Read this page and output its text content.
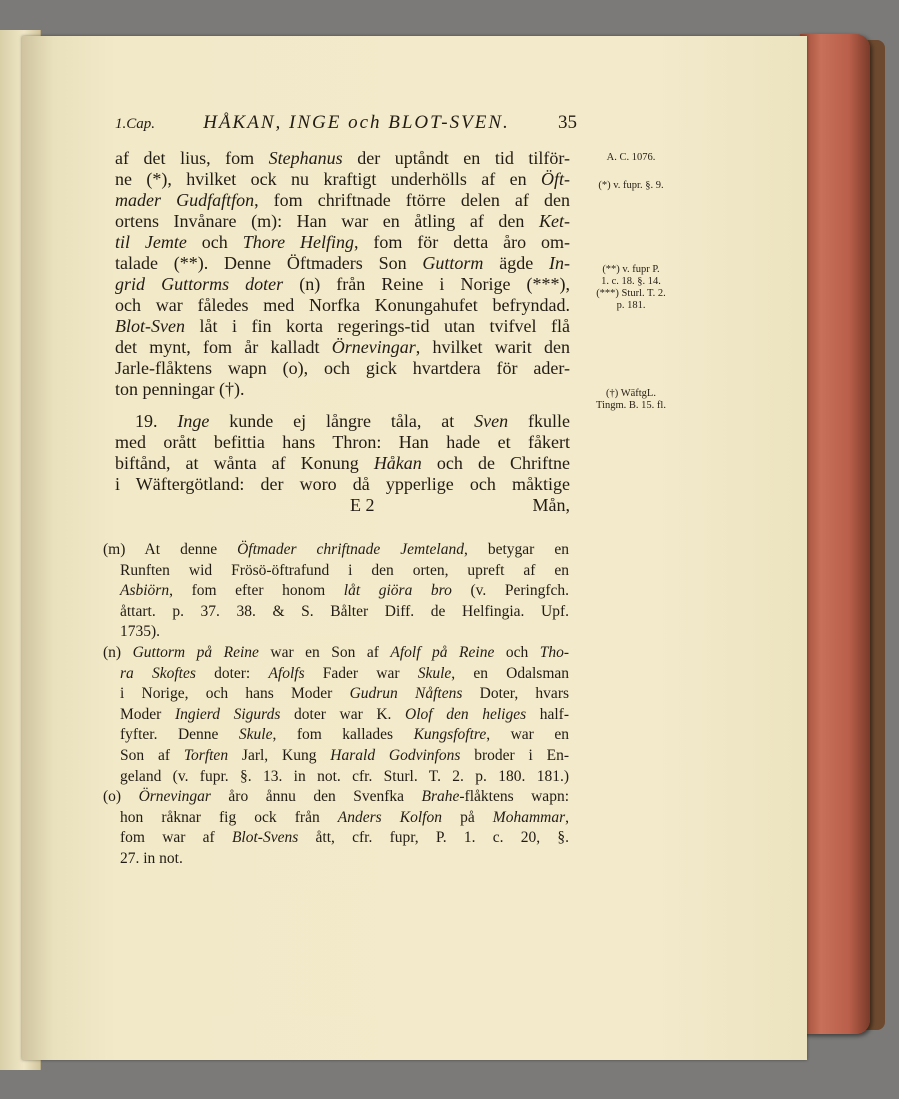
1.Cap.	HÅKAN, INGE och BLOT-SVEN.	35
af det lius, fom Stephanus der uptåndt en tid tilför-
ne (*), hvilket ock nu kraftigt underhölls af en Öft-
mader Gudfaftfon, fom chriftnade ftörre delen af den
ortens Invånare (m): Han war en åtling af den Ket-
til Jemte och Thore Helfing, fom för detta åro om-
talade (**). Denne Öftmaders Son Guttorm ägde In-
grid Guttorms doter (n) från Reine i Norige (***),
och war fåledes med Norfka Konungahufet befryndad.
Blot-Sven låt i fin korta regerings-tid utan tvifvel flå
det mynt, fom år kalladt Örnevingar, hvilket warit den
Jarle-flåktens wapn (o), och gick hvartdera för ader-
ton penningar (†).
19. Inge kunde ej långre tåla, at Sven fkulle
med orått befittia hans Thron: Han hade et fåkert
biftånd, at wånta af Konung Håkan och de Chriftne
i Wäftergötland: der woro då ypperlige och måktige
E 2	Mån,
(m) At denne Öftmader chriftnade Jemteland, betygar en
Runften wid Frösö-öftrafund i den orten, upreft af en
Asbiörn, fom efter honom låt giöra bro (v. Peringfch.
åttart. p. 37. 38. & S. Bålter Diff. de Helfingia. Upf.
1735).
(n) Guttorm på Reine war en Son af Afolf på Reine och Tho-
ra Skoftes doter: Afolfs Fader war Skule, en Odalsman
i Norige, och hans Moder Gudrun Nåftens Doter, hvars
Moder Ingierd Sigurds doter war K. Olof den heliges half-
fyfter. Denne Skule, fom kallades Kungsfoftre, war en
Son af Torften Jarl, Kung Harald Godvinfons broder i En-
geland (v. fupr. §. 13. in not. cfr. Sturl. T. 2. p. 180. 181.)
(o) Örnevingar åro ånnu den Svenfka Brahe-flåktens wapn:
hon råknar fig ock från Anders Kolfon på Mohammar,
fom war af Blot-Svens ått, cfr. fupr, P. 1. c. 20, §.
27. in not.
A. C. 1076.
(*) v. fupr. §. 9.
(**) v. fupr P.
1. c. 18. §. 14.
(***) Sturl. T. 2.
p. 181.
(†) WäftgL.
Tingm. B. 15. fl.
